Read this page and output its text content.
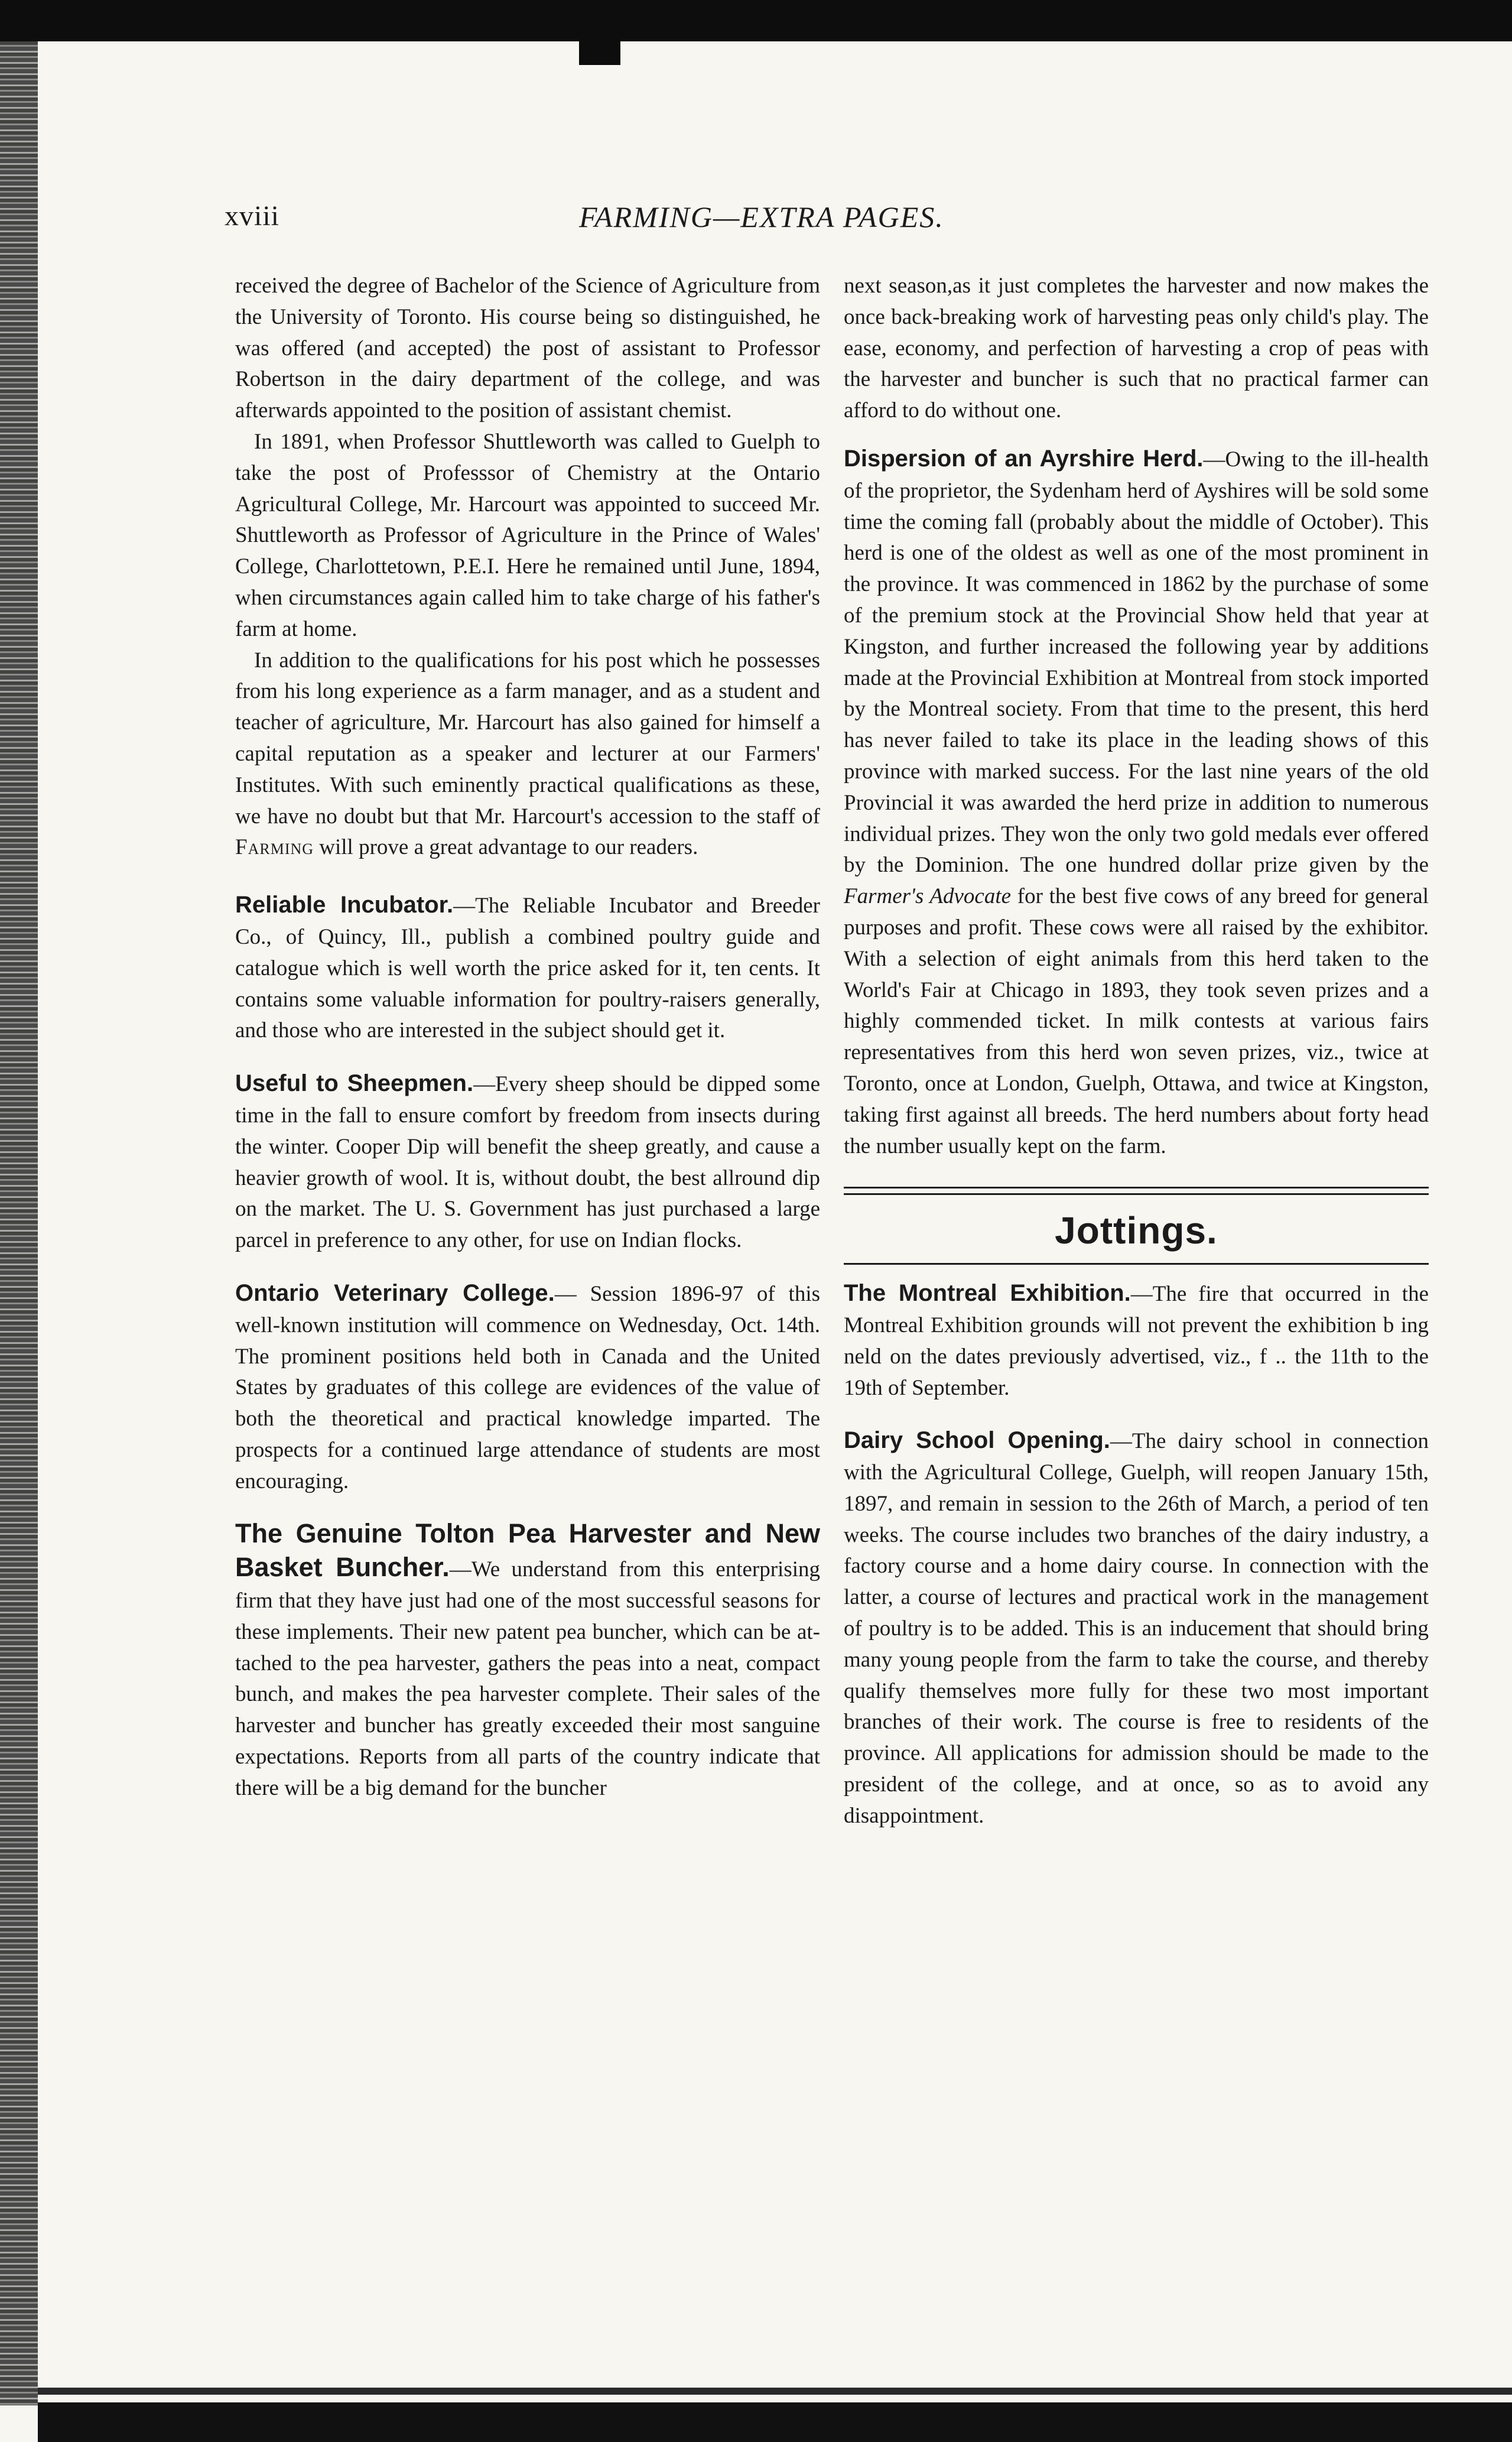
xviii	FARMING—EXTRA PAGES.

received the degree of Bachelor of the Science of Agriculture from the University of Toronto. His course being so distinguished, he was offered (and accepted) the post of assistant to Professor Robertson in the dairy department of the college, and was afterwards appointed to the position of assistant chemist.

In 1891, when Professor Shuttleworth was called to Guelph to take the post of Professsor of Chemistry at the Ontario Agricultural College, Mr. Harcourt was appointed to succeed Mr. Shuttleworth as Professor of Agriculture in the Prince of Wales' College, Charlottetown, P.E.I. Here he remained until June, 1894, when circumstances again called him to take charge of his father's farm at home.

In addition to the qualifications for his post which he possesses from his long experience as a farm manager, and as a student and teacher of agriculture, Mr. Harcourt has also gained for himself a capital reputation as a speaker and lecturer at our Farmers' Institutes. With such eminently practical qualifications as these, we have no doubt but that Mr. Harcourt's accession to the staff of Farming will prove a great advantage to our readers.

Reliable Incubator.—The Reliable Incubator and Breeder Co., of Quincy, Ill., publish a combined poultry guide and catalogue which is well worth the price asked for it, ten cents. It contains some valuable information for poultry-raisers generally, and those who are interested in the subject should get it.

Useful to Sheepmen.—Every sheep should be dipped some time in the fall to ensure comfort by freedom from insects during the winter. Cooper Dip will benefit the sheep greatly, and cause a heavier growth of wool. It is, without doubt, the best allround dip on the market. The U. S. Government has just purchased a large parcel in preference to any other, for use on Indian flocks.

Ontario Veterinary College.— Session 1896-97 of this well-known institution will commence on Wednesday, Oct. 14th. The prominent positions held both in Canada and the United States by graduates of this college are evidences of the value of both the theoretical and practical knowledge imparted. The prospects for a continued large attendance of students are most encouraging.

The Genuine Tolton Pea Harvester and New Basket Buncher.—We understand from this enterprising firm that they have just had one of the most successful seasons for these implements. Their new patent pea buncher, which can be attached to the pea harvester, gathers the peas into a neat, compact bunch, and makes the pea harvester complete. Their sales of the harvester and buncher has greatly exceeded their most sanguine expectations. Reports from all parts of the country indicate that there will be a big demand for the buncher

next season,as it just completes the harvester and now makes the once back-breaking work of harvesting peas only child's play. The ease, economy, and perfection of harvesting a crop of peas with the harvester and buncher is such that no practical farmer can afford to do without one.

Dispersion of an Ayrshire Herd.—Owing to the ill-health of the proprietor, the Sydenham herd of Ayshires will be sold some time the coming fall (probably about the middle of October). This herd is one of the oldest as well as one of the most prominent in the province. It was commenced in 1862 by the purchase of some of the premium stock at the Provincial Show held that year at Kingston, and further increased the following year by additions made at the Provincial Exhibition at Montreal from stock imported by the Montreal society. From that time to the present, this herd has never failed to take its place in the leading shows of this province with marked success. For the last nine years of the old Provincial it was awarded the herd prize in addition to numerous individual prizes. They won the only two gold medals ever offered by the Dominion. The one hundred dollar prize given by the Farmer's Advocate for the best five cows of any breed for general purposes and profit. These cows were all raised by the exhibitor. With a selection of eight animals from this herd taken to the World's Fair at Chicago in 1893, they took seven prizes and a highly commended ticket. In milk contests at various fairs representatives from this herd won seven prizes, viz., twice at Toronto, once at London, Guelph, Ottawa, and twice at Kingston, taking first against all breeds. The herd numbers about forty head the number usually kept on the farm.

Jottings.

The Montreal Exhibition.—The fire that occurred in the Montreal Exhibition grounds will not prevent the exhibition b ing neld on the dates previously advertised, viz., f .. the 11th to the 19th of September.

Dairy School Opening.—The dairy school in connection with the Agricultural College, Guelph, will reopen January 15th, 1897, and remain in session to the 26th of March, a period of ten weeks. The course includes two branches of the dairy industry, a factory course and a home dairy course. In connection with the latter, a course of lectures and practical work in the management of poultry is to be added. This is an inducement that should bring many young people from the farm to take the course, and thereby qualify themselves more fully for these two most important branches of their work. The course is free to residents of the province. All applications for admission should be made to the president of the college, and at once, so as to avoid any disappointment.
